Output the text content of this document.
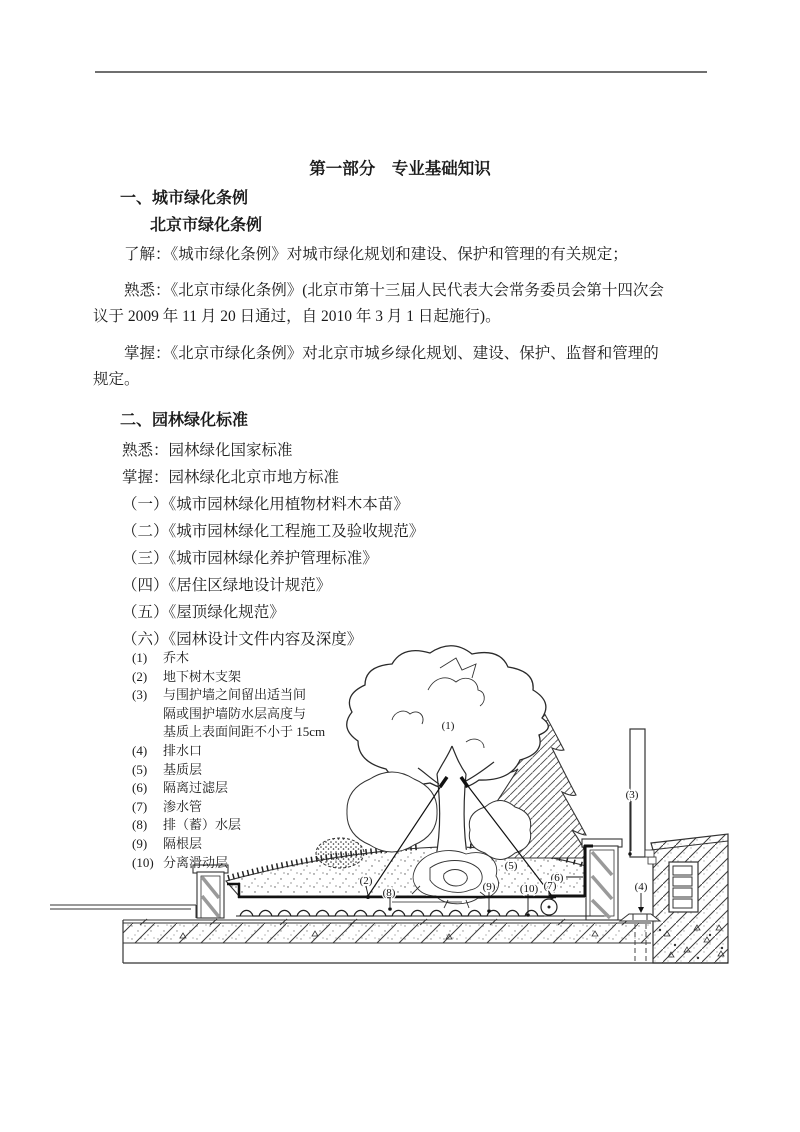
第一部分　专业基础知识
一、城市绿化条例
北京市绿化条例
了解：《城市绿化条例》对城市绿化规划和建设、保护和管理的有关规定；
熟悉：《北京市绿化条例》(北京市第十三届人民代表大会常务委员会第十四次会
议于 2009 年 11 月 20 日通过，自 2010 年 3 月 1 日起施行)。
掌握：《北京市绿化条例》对北京市城乡绿化规划、建设、保护、监督和管理的
规定。
二、园林绿化标准
熟悉：园林绿化国家标准
掌握：园林绿化北京市地方标准
（一）《城市园林绿化用植物材料木本苗》
（二）《城市园林绿化工程施工及验收规范》
（三）《城市园林绿化养护管理标准》
（四）《居住区绿地设计规范》
（五）《屋顶绿化规范》
（六）《园林设计文件内容及深度》
(1) 乔木
(2) 地下树木支架
(3) 与围护墙之间留出适当间
隔或围护墙防水层高度与
基质上表面间距不小于 15cm
(4) 排水口
(5) 基质层
(6) 隔离过滤层
(7) 渗水管
(8) 排（蓄）水层
(9) 隔根层
(10) 分离滑动层
(1)
(2)
(3)
(4)
(5)
(6)
(7)
(8)	(9) (10)
